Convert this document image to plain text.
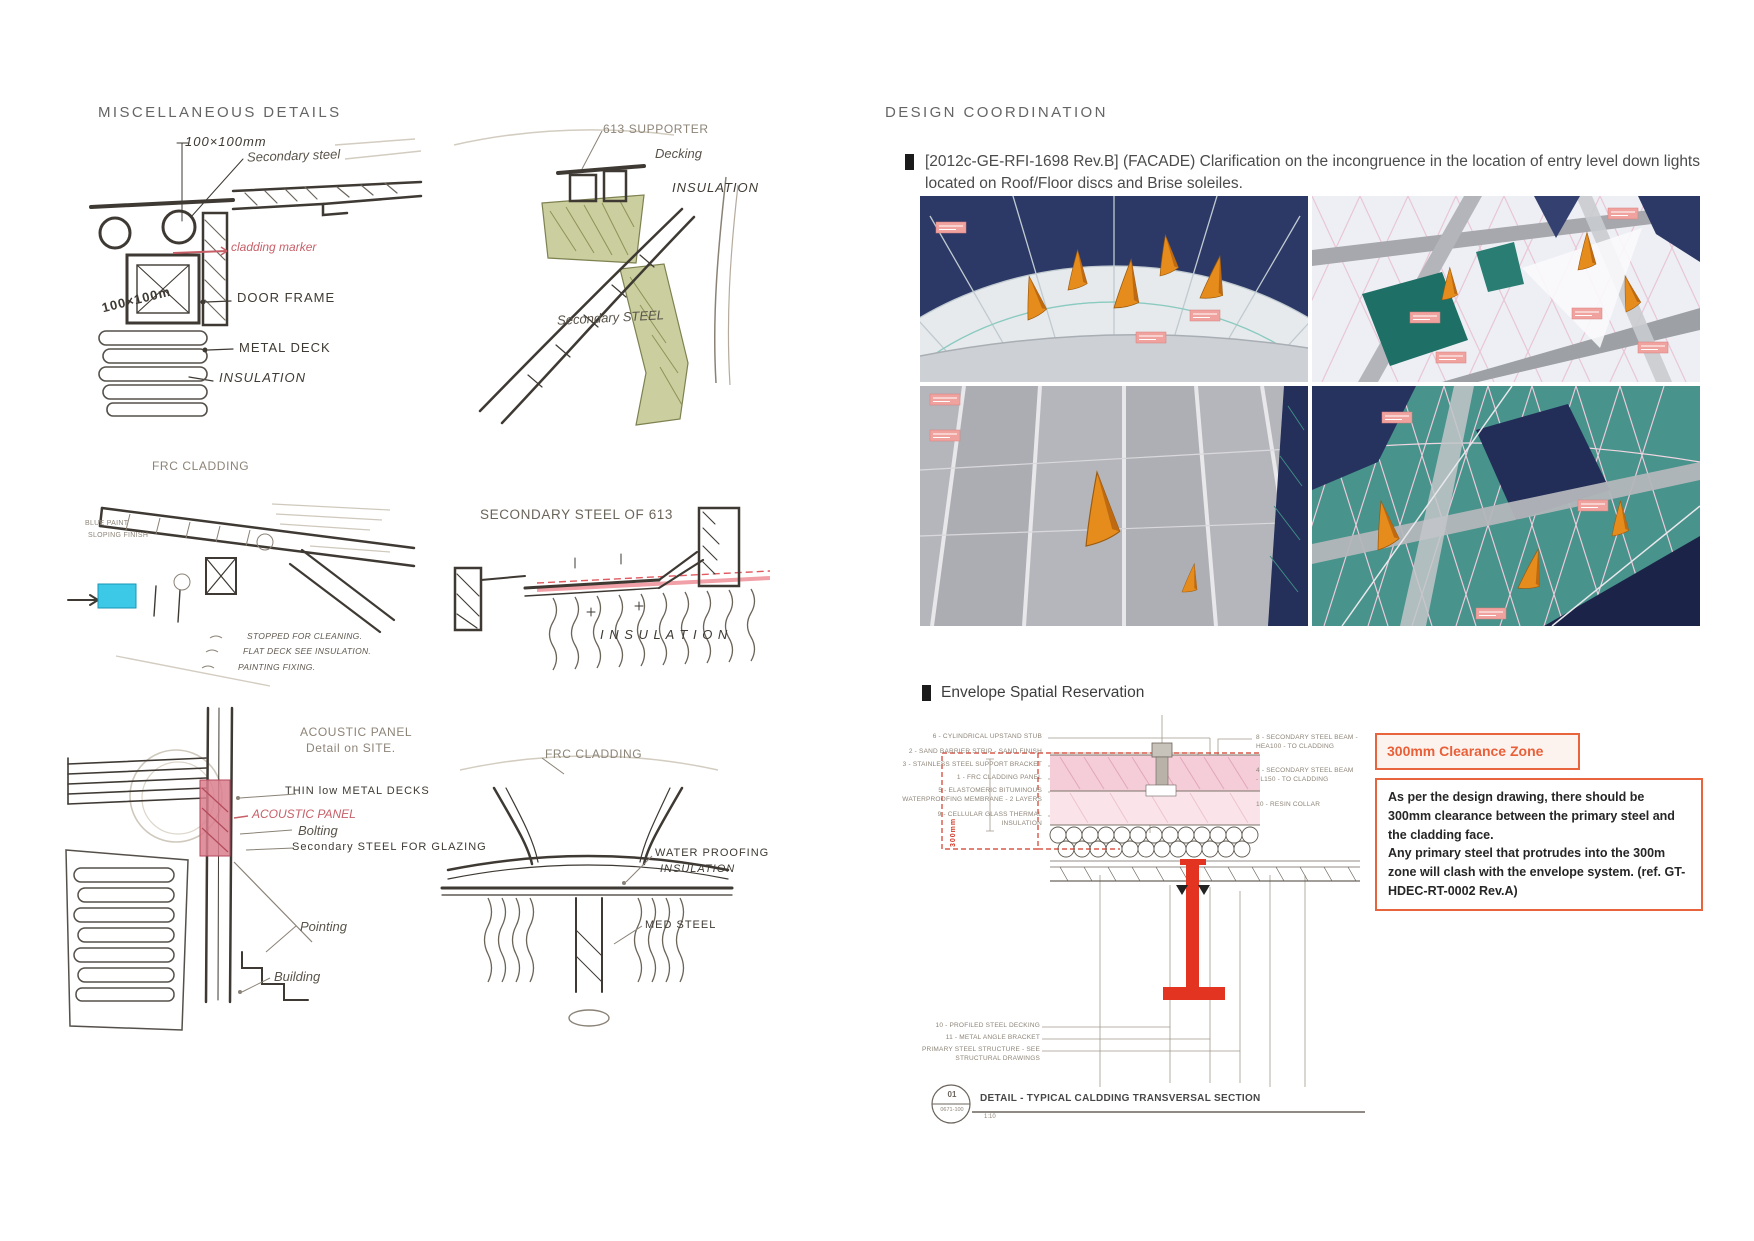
MISCELLANEOUS DETAILS	DESIGN COORDINATION

[2012c-GE-RFI-1698 Rev.B] (FACADE) Clarification on the incongruence in the location of entry level down lights located on Roof/Floor discs and Brise soleiles.

Envelope Spatial Reservation
6 - CYLINDRICAL UPSTAND STUB
2 - SAND BARRIER STRIP - SAND FINISH
3 - STAINLESS STEEL SUPPORT BRACKET
1 - FRC CLADDING PANEL
5 - ELASTOMERIC BITUMINOUS
WATERPROOFING MEMBRANE - 2 LAYERS
9 - CELLULAR GLASS THERMAL
INSULATION
8 - SECONDARY STEEL BEAM -
HEA100 - TO CLADDING
4 - SECONDARY STEEL BEAM
- L150 - TO CLADDING
10 - RESIN COLLAR
10 - PROFILED STEEL DECKING
11 - METAL ANGLE BRACKET
PRIMARY STEEL STRUCTURE - SEE
STRUCTURAL DRAWINGS
300mm
01
0671-100
DETAIL - TYPICAL CALDDING TRANSVERSAL SECTION
1:10
300mm Clearance Zone

As per the design drawing, there should be 300mm clearance between the primary steel and the cladding face.

Any primary steel that protrudes into the 300m zone will clash with the envelope system. (ref. GT-HDEC-RT-0002 Rev.A)

100×100mm
Secondary steel
cladding marker
DOOR FRAME
METAL DECK
INSULATION
100×100m
613 SUPPORTER
Decking
INSULATION
Secondary STEEL
FRC CLADDING
BLUE PAINT
SLOPING FINISH
STOPPED FOR CLEANING.
FLAT DECK SEE INSULATION.
PAINTING FIXING.
SECONDARY STEEL OF 613
I N S U L A T I O N
ACOUSTIC PANEL
Detail on SITE.
THIN low METAL DECKS
ACOUSTIC PANEL
Bolting
Secondary STEEL FOR GLAZING
Pointing
Building
FRC CLADDING
WATER PROOFING
INSULATION
MED STEEL
